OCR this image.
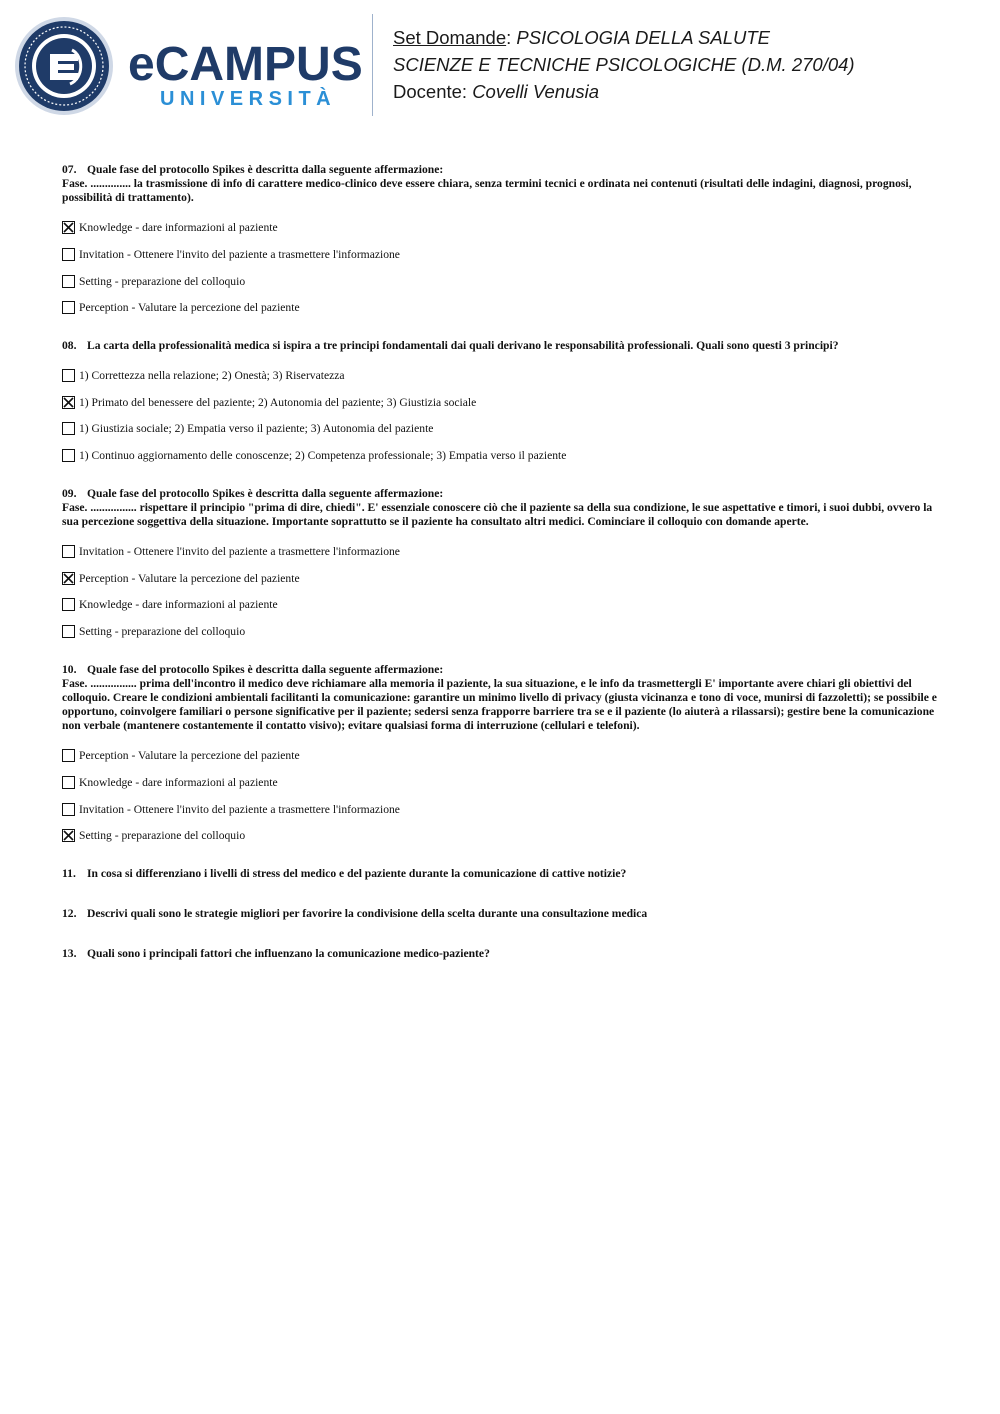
eCAMPUS
UNIVERSITÀ
Set Domande: PSICOLOGIA DELLA SALUTE
SCIENZE E TECNICHE PSICOLOGICHE (D.M. 270/04)
Docente: Covelli Venusia
07. Quale fase del protocollo Spikes è descritta dalla seguente affermazione:
Fase. .............. la trasmissione di info di carattere medico-clinico deve essere chiara, senza termini tecnici e ordinata nei contenuti (risultati delle indagini, diagnosi, prognosi, possibilità di trattamento).
Knowledge - dare informazioni al paziente
Invitation - Ottenere l'invito del paziente a trasmettere l'informazione
Setting - preparazione del colloquio
Perception - Valutare la percezione del paziente
08. La carta della professionalità medica si ispira a tre principi fondamentali dai quali derivano le responsabilità professionali. Quali sono questi 3 principi?
1) Correttezza nella relazione; 2) Onestà; 3) Riservatezza
1) Primato del benessere del paziente; 2) Autonomia del paziente; 3) Giustizia sociale
1) Giustizia sociale; 2) Empatia verso il paziente; 3) Autonomia del paziente
1) Continuo aggiornamento delle conoscenze; 2) Competenza professionale; 3) Empatia verso il paziente
09. Quale fase del protocollo Spikes è descritta dalla seguente affermazione:
Fase. ................ rispettare il principio "prima di dire, chiedi". E' essenziale conoscere ciò che il paziente sa della sua condizione, le sue aspettative e timori, i suoi dubbi, ovvero la sua percezione soggettiva della situazione. Importante soprattutto se il paziente ha consultato altri medici. Cominciare il colloquio con domande aperte.
Invitation - Ottenere l'invito del paziente a trasmettere l'informazione
Perception - Valutare la percezione del paziente
Knowledge - dare informazioni al paziente
Setting - preparazione del colloquio
10. Quale fase del protocollo Spikes è descritta dalla seguente affermazione:
Fase. ................ prima dell'incontro il medico deve richiamare alla memoria il paziente, la sua situazione, e le info da trasmettergli E' importante avere chiari gli obiettivi del colloquio. Creare le condizioni ambientali facilitanti la comunicazione: garantire un minimo livello di privacy (giusta vicinanza e tono di voce, munirsi di fazzoletti); se possibile e opportuno, coinvolgere familiari o persone significative per il paziente; sedersi senza frapporre barriere tra se e il paziente (lo aiuterà a rilassarsi); gestire bene la comunicazione non verbale (mantenere costantemente il contatto visivo); evitare qualsiasi forma di interruzione (cellulari e telefoni).
Perception - Valutare la percezione del paziente
Knowledge - dare informazioni al paziente
Invitation - Ottenere l'invito del paziente a trasmettere l'informazione
Setting - preparazione del colloquio
11. In cosa si differenziano i livelli di stress del medico e del paziente durante la comunicazione di cattive notizie?
12. Descrivi quali sono le strategie migliori per favorire la condivisione della scelta durante una consultazione medica
13. Quali sono i principali fattori che influenzano la comunicazione medico-paziente?
